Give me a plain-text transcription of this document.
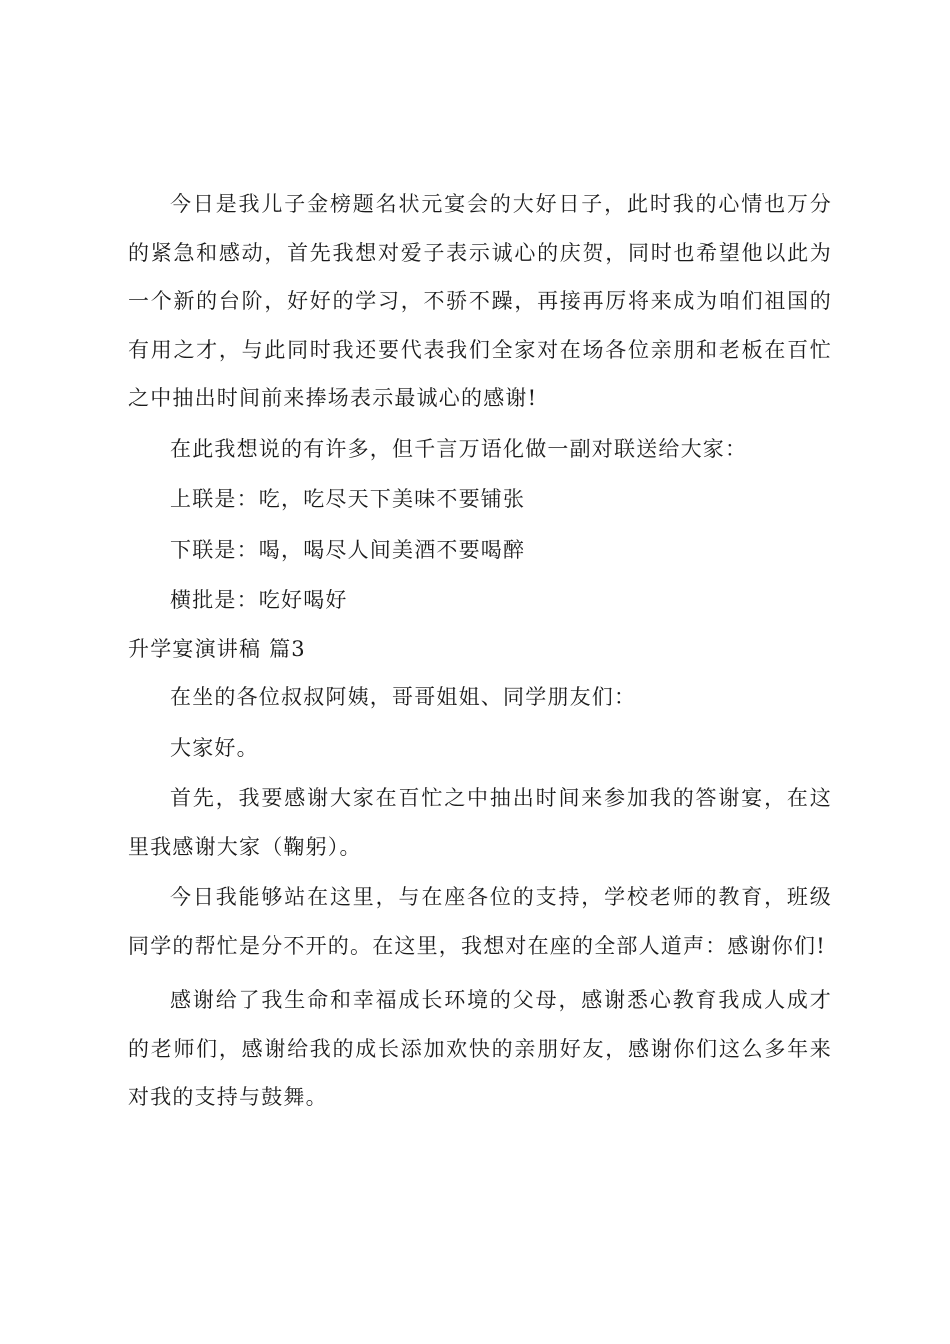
今日是我儿子金榜题名状元宴会的大好日子，此时我的心情也万分的紧急和感动，首先我想对爱子表示诚心的庆贺，同时也希望他以此为一个新的台阶，好好的学习，不骄不躁，再接再厉将来成为咱们祖国的有用之才，与此同时我还要代表我们全家对在场各位亲朋和老板在百忙之中抽出时间前来捧场表示最诚心的感谢!

在此我想说的有许多，但千言万语化做一副对联送给大家：

上联是：吃，吃尽天下美味不要铺张

下联是：喝，喝尽人间美酒不要喝醉

横批是：吃好喝好

升学宴演讲稿 篇3

在坐的各位叔叔阿姨，哥哥姐姐、同学朋友们：

大家好。

首先，我要感谢大家在百忙之中抽出时间来参加我的答谢宴，在这里我感谢大家（鞠躬）。

今日我能够站在这里，与在座各位的支持，学校老师的教育，班级同学的帮忙是分不开的。在这里，我想对在座的全部人道声：感谢你们!

感谢给了我生命和幸福成长环境的父母，感谢悉心教育我成人成才的老师们，感谢给我的成长添加欢快的亲朋好友，感谢你们这么多年来对我的支持与鼓舞。
